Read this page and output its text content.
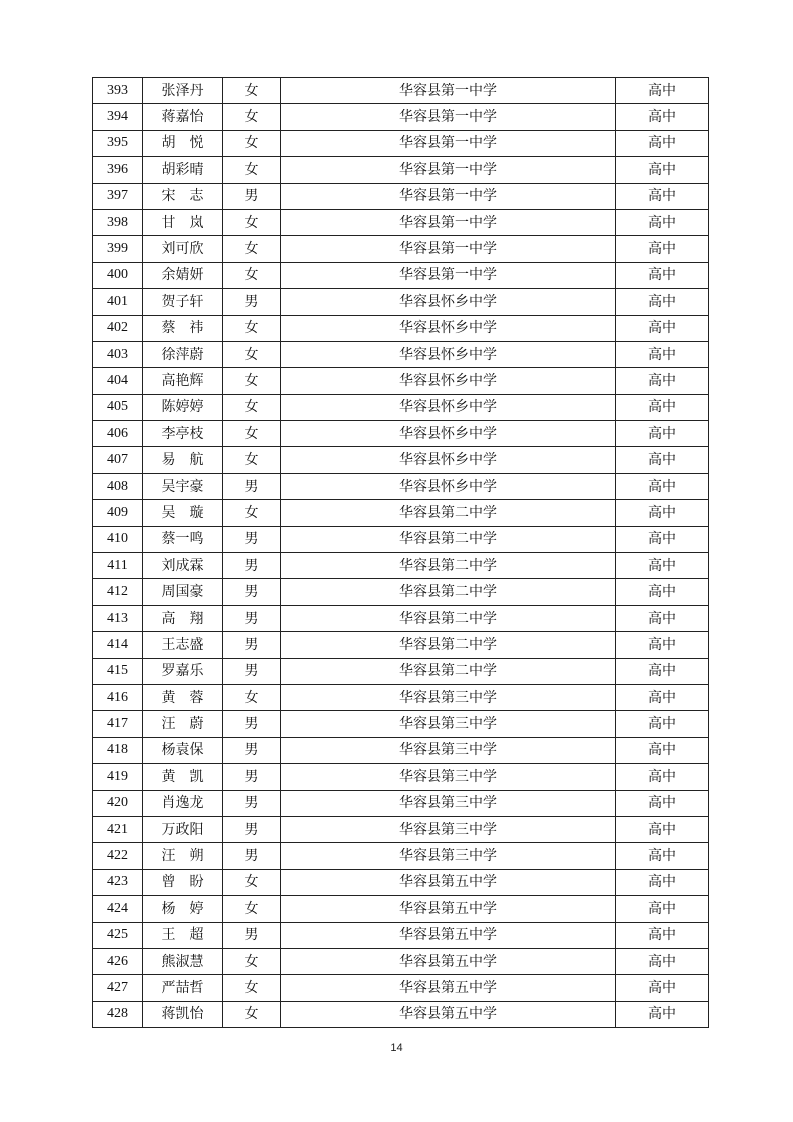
393	张泽丹	女	华容县第一中学	高中
394	蒋嘉怡	女	华容县第一中学	高中
395	胡　悦	女	华容县第一中学	高中
396	胡彩晴	女	华容县第一中学	高中
397	宋　志	男	华容县第一中学	高中
398	甘　岚	女	华容县第一中学	高中
399	刘可欣	女	华容县第一中学	高中
400	余婧妍	女	华容县第一中学	高中
401	贺子轩	男	华容县怀乡中学	高中
402	蔡　祎	女	华容县怀乡中学	高中
403	徐萍蔚	女	华容县怀乡中学	高中
404	高艳辉	女	华容县怀乡中学	高中
405	陈婷婷	女	华容县怀乡中学	高中
406	李亭枝	女	华容县怀乡中学	高中
407	易　航	女	华容县怀乡中学	高中
408	吴宇豪	男	华容县怀乡中学	高中
409	吴　璇	女	华容县第二中学	高中
410	蔡一鸣	男	华容县第二中学	高中
411	刘成霖	男	华容县第二中学	高中
412	周国豪	男	华容县第二中学	高中
413	高　翔	男	华容县第二中学	高中
414	王志盛	男	华容县第二中学	高中
415	罗嘉乐	男	华容县第二中学	高中
416	黄　蓉	女	华容县第三中学	高中
417	汪　蔚	男	华容县第三中学	高中
418	杨袁保	男	华容县第三中学	高中
419	黄　凯	男	华容县第三中学	高中
420	肖逸龙	男	华容县第三中学	高中
421	万政阳	男	华容县第三中学	高中
422	汪　朔	男	华容县第三中学	高中
423	曾　盼	女	华容县第五中学	高中
424	杨　婷	女	华容县第五中学	高中
425	王　超	男	华容县第五中学	高中
426	熊淑慧	女	华容县第五中学	高中
427	严喆哲	女	华容县第五中学	高中
428	蒋凯怡	女	华容县第五中学	高中
14
